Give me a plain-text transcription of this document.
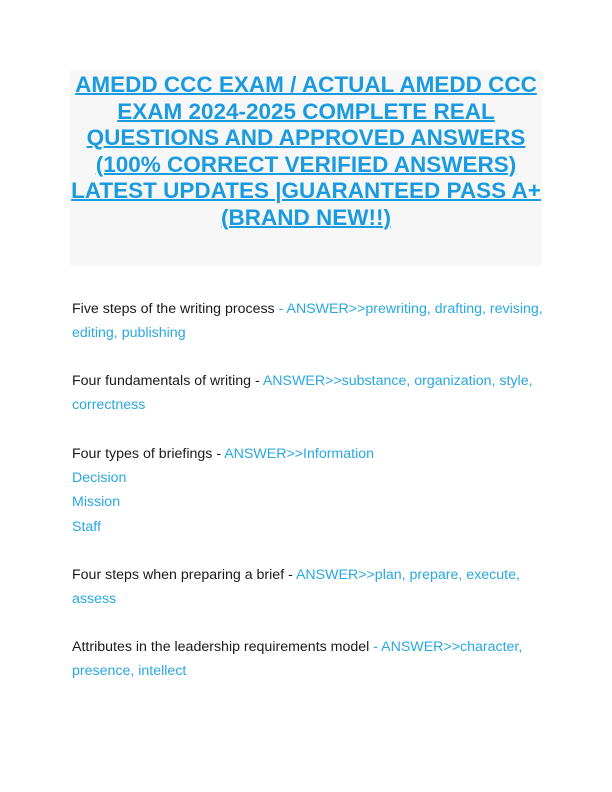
AMEDD CCC EXAM / ACTUAL AMEDD CCC EXAM 2024-2025 COMPLETE REAL QUESTIONS AND APPROVED ANSWERS (100% CORRECT VERIFIED ANSWERS) LATEST UPDATES |GUARANTEED PASS A+ (BRAND NEW!!)

Five steps of the writing process - ANSWER>>prewriting, drafting, revising, editing, publishing

Four fundamentals of writing - ANSWER>>substance, organization, style, correctness

Four types of briefings - ANSWER>>Information
Decision
Mission
Staff

Four steps when preparing a brief - ANSWER>>plan, prepare, execute, assess

Attributes in the leadership requirements model - ANSWER>>character, presence, intellect
